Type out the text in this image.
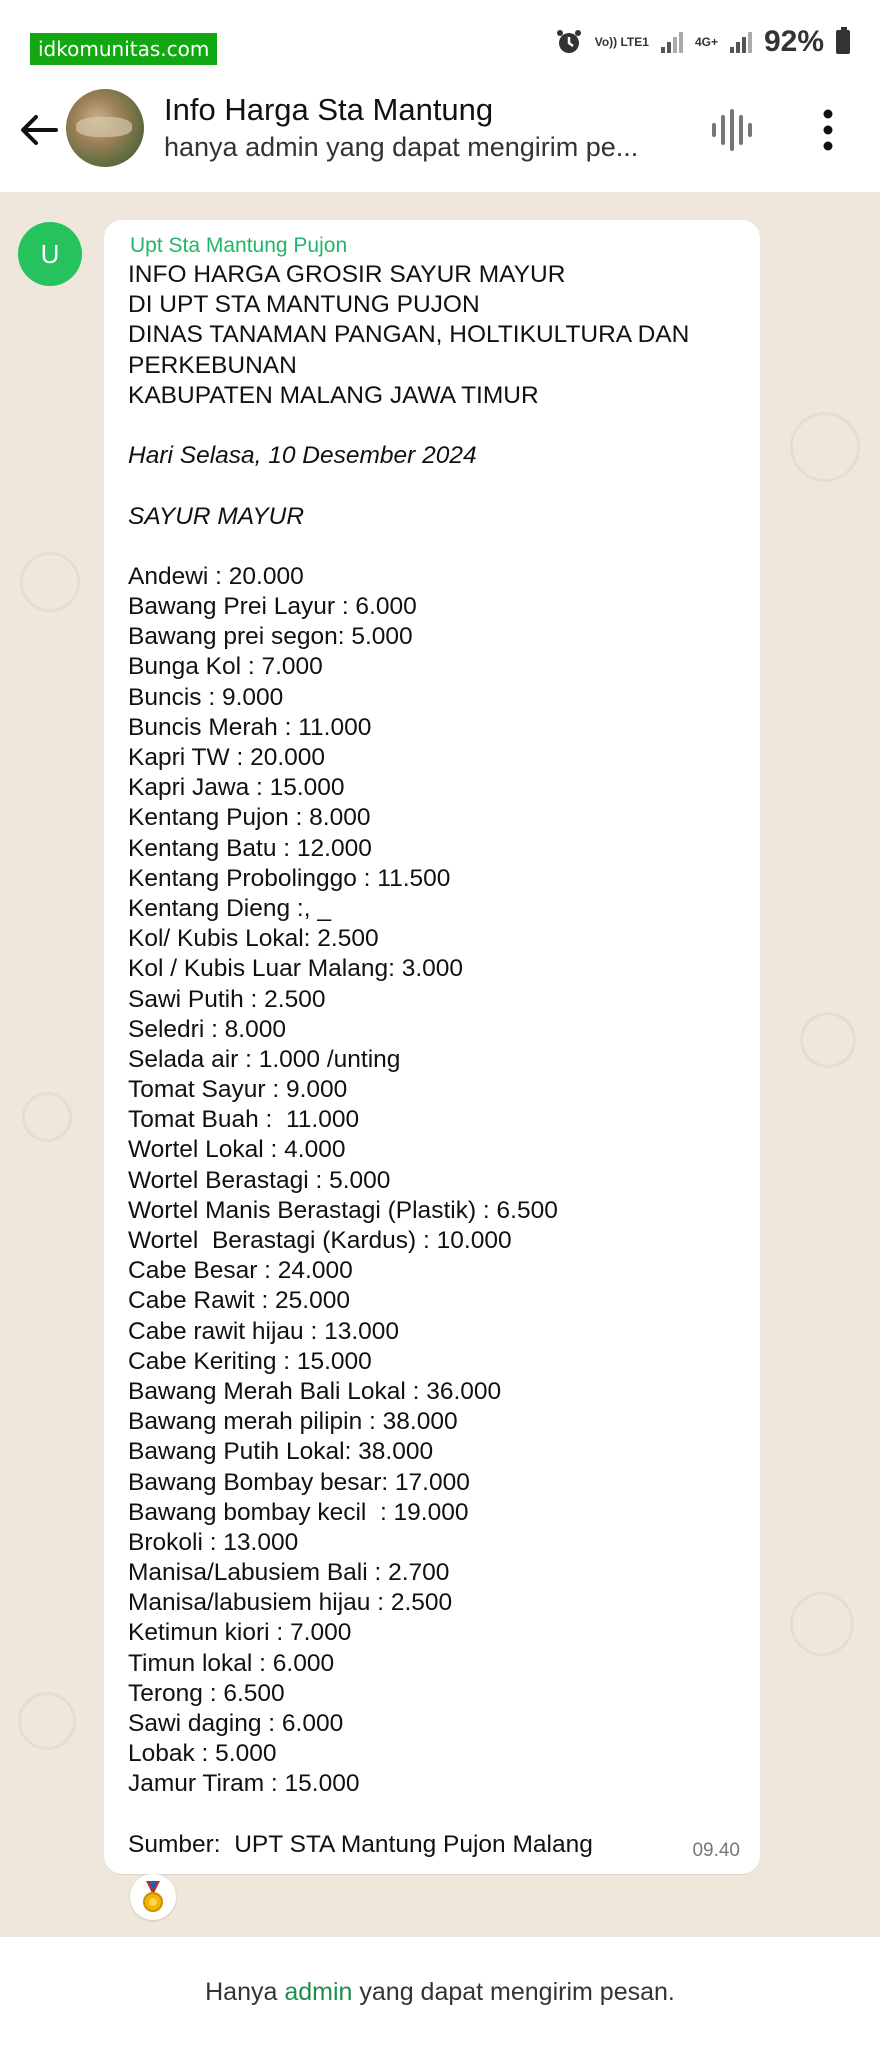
idkomunitas.com	Vo)) LTE1	4G+ 92%
Info Harga Sta Mantung
hanya admin yang dapat mengirim pe...
U	Upt Sta Mantung Pujon
INFO HARGA GROSIR SAYUR MAYUR
DI UPT STA MANTUNG PUJON
DINAS TANAMAN PANGAN, HOLTIKULTURA DAN
PERKEBUNAN
KABUPATEN MALANG JAWA TIMUR
Hari Selasa, 10 Desember 2024
SAYUR MAYUR
Andewi : 20.000
Bawang Prei Layur : 6.000
Bawang prei segon: 5.000
Bunga Kol : 7.000
Buncis : 9.000
Buncis Merah : 11.000
Kapri TW : 20.000
Kapri Jawa : 15.000
Kentang Pujon : 8.000
Kentang Batu : 12.000
Kentang Probolinggo : 11.500
Kentang Dieng :, _
Kol/ Kubis Lokal: 2.500
Kol / Kubis Luar Malang: 3.000
Sawi Putih : 2.500
Seledri : 8.000
Selada air : 1.000 /unting
Tomat Sayur : 9.000
Tomat Buah :  11.000
Wortel Lokal : 4.000
Wortel Berastagi : 5.000
Wortel Manis Berastagi (Plastik) : 6.500
Wortel  Berastagi (Kardus) : 10.000
Cabe Besar : 24.000
Cabe Rawit : 25.000
Cabe rawit hijau : 13.000
Cabe Keriting : 15.000
Bawang Merah Bali Lokal : 36.000
Bawang merah pilipin : 38.000
Bawang Putih Lokal: 38.000
Bawang Bombay besar: 17.000
Bawang bombay kecil  : 19.000
Brokoli : 13.000
Manisa/Labusiem Bali : 2.700
Manisa/labusiem hijau : 2.500
Ketimun kiori : 7.000
Timun lokal : 6.000
Terong : 6.500
Sawi daging : 6.000
Lobak : 5.000
Jamur Tiram : 15.000
Sumber:  UPT STA Mantung Pujon Malang	09.40
Hanya admin yang dapat mengirim pesan.
